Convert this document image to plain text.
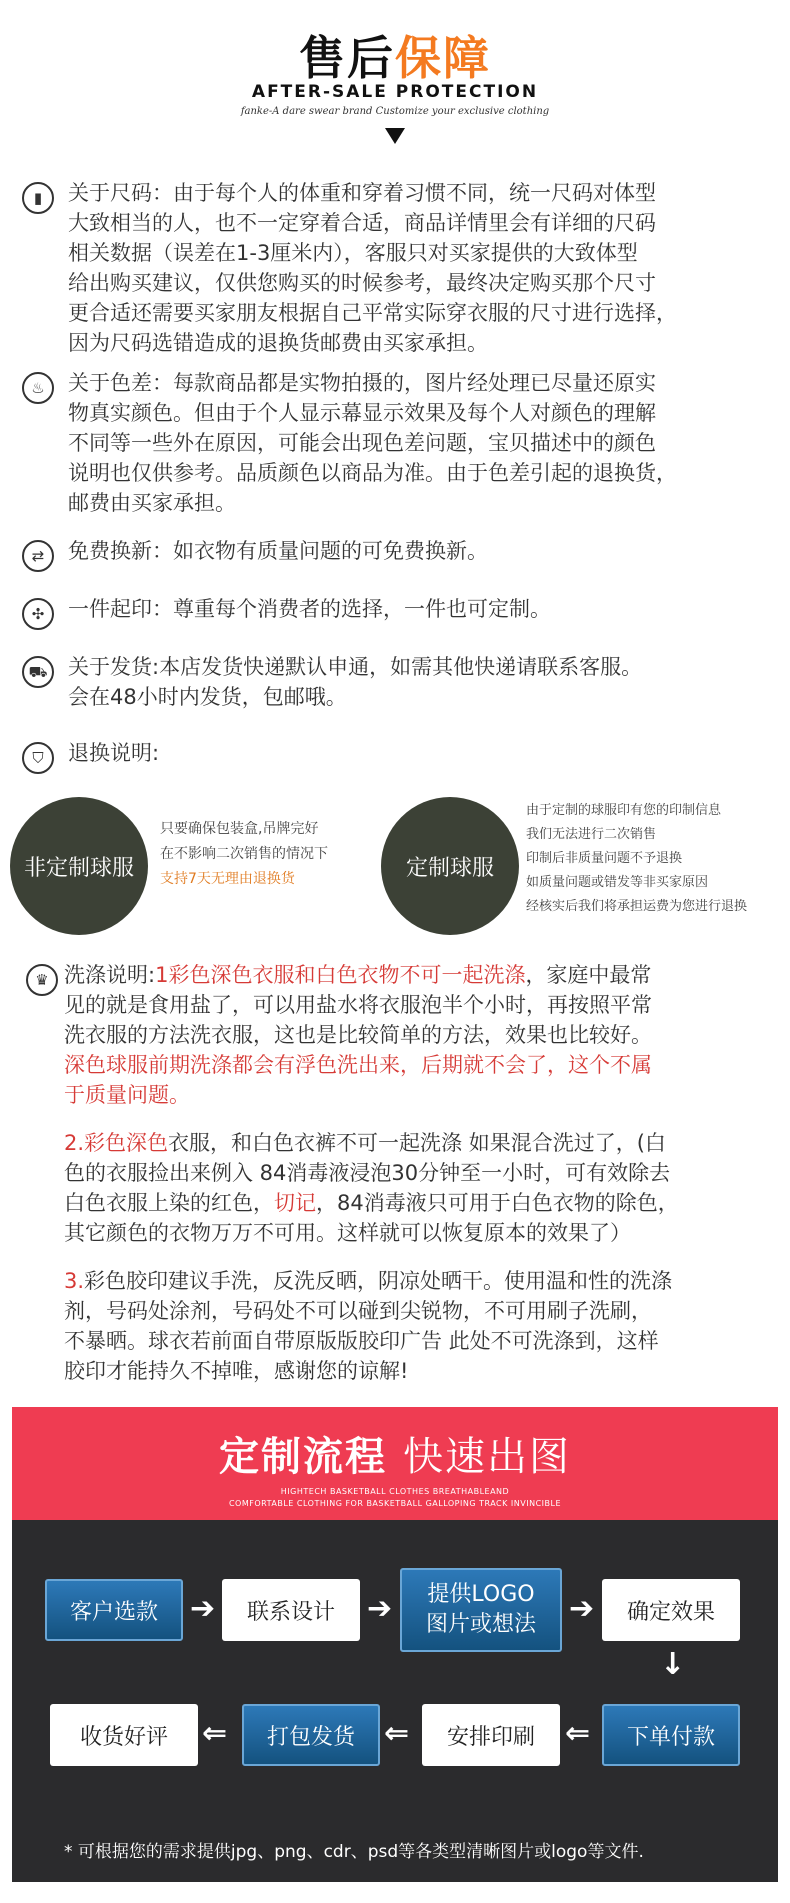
售后保障
AFTER-SALE PROTECTION
fanke-A dare swear brand Customize your exclusive clothing
▮	关于尺码：由于每个人的体重和穿着习惯不同，统一尺码对体型
大致相当的人，也不一定穿着合适，商品详情里会有详细的尺码
相关数据（误差在1-3厘米内），客服只对买家提供的大致体型
给出购买建议，仅供您购买的时候参考，最终决定购买那个尺寸
更合适还需要买家朋友根据自己平常实际穿衣服的尺寸进行选择，
因为尺码选错造成的退换货邮费由买家承担。
♨	关于色差：每款商品都是实物拍摄的，图片经处理已尽量还原实
物真实颜色。但由于个人显示幕显示效果及每个人对颜色的理解
不同等一些外在原因，可能会出现色差问题，宝贝描述中的颜色
说明也仅供参考。品质颜色以商品为准。由于色差引起的退换货，
邮费由买家承担。
⇄	免费换新：如衣物有质量问题的可免费换新。
✣	一件起印：尊重每个消费者的选择，一件也可定制。
⛟ 关于发货:本店发货快递默认申通，如需其他快递请联系客服。
会在48小时内发货，包邮哦。
⛉	退换说明:
非定制球服
只要确保包装盒,吊牌完好
在不影响二次销售的情况下
支持7天无理由退换货	定制球服
由于定制的球服印有您的印制信息
我们无法进行二次销售
印制后非质量问题不予退换
如质量问题或错发等非买家原因
经核实后我们将承担运费为您进行退换
♛ 洗涤说明:1彩色深色衣服和白色衣物不可一起洗涤，家庭中最常
见的就是食用盐了，可以用盐水将衣服泡半个小时，再按照平常
洗衣服的方法洗衣服，这也是比较简单的方法，效果也比较好。
深色球服前期洗涤都会有浮色洗出来，后期就不会了，这个不属
于质量问题。
2.彩色深色衣服，和白色衣裤不可一起洗涤 如果混合洗过了，(白
色的衣服捡出来例入 84消毒液浸泡30分钟至一小时，可有效除去
白色衣服上染的红色，切记，84消毒液只可用于白色衣物的除色，
其它颜色的衣物万万不可用。这样就可以恢复原本的效果了）
3.彩色胶印建议手洗，反洗反晒，阴凉处晒干。使用温和性的洗涤
剂，号码处涂剂，号码处不可以碰到尖锐物，不可用刷子洗刷，
不暴晒。球衣若前面自带原版版胶印广告 此处不可洗涤到，这样
胶印才能持久不掉唯，感谢您的谅解!
定制流程 快速出图
HIGHTECH BASKETBALL CLOTHES BREATHABLEAND
COMFORTABLE CLOTHING FOR BASKETBALL GALLOPING TRACK INVINCIBLE
客户选款	➔	联系设计	➔ 提供LOGO
图片或想法 ➔	确定效果
↓
下单付款
⇐
安排印刷
⇐
打包发货
⇐
收货好评
* 可根据您的需求提供jpg、png、cdr、psd等各类型清晰图片或logo等文件.
